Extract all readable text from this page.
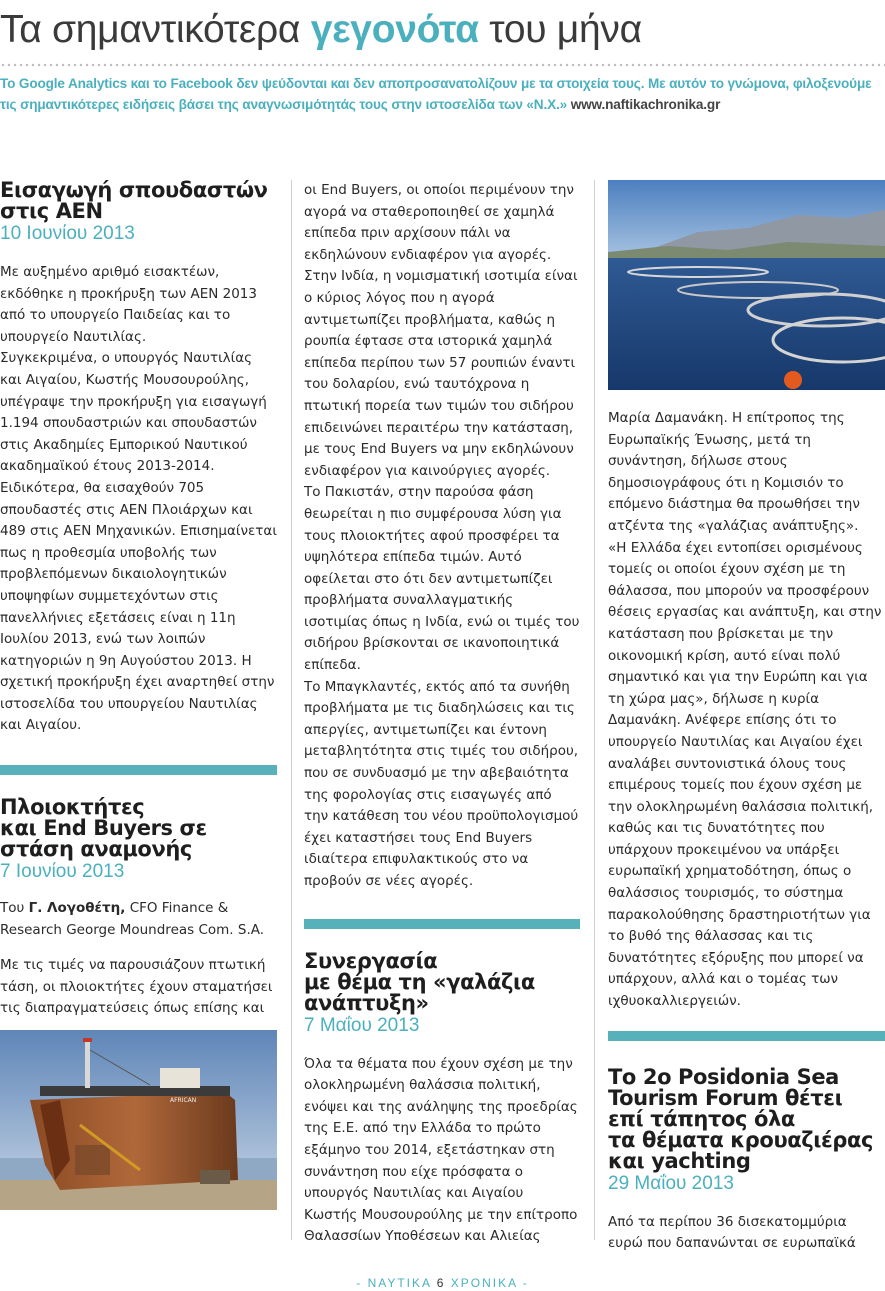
Τα σημαντικότερα γεγονότα του μήνα
Το Google Analytics και το Facebook δεν ψεύδονται και δεν αποπροσανατολίζουν με τα στοιχεία τους. Με αυτόν το γνώμονα, φιλοξενούμε τις σημαντικότερες ειδήσεις βάσει της αναγνωσιμότητάς τους στην ιστοσελίδα των «Ν.Χ.» www.naftikachronika.gr
Εισαγωγή σπουδαστών
στις ΑΕΝ

10 Ιουνίου 2013

Με αυξημένο αριθμό εισακτέων, εκδόθηκε η προκήρυξη των ΑΕΝ 2013 από το υπουργείο Παιδείας και το υπουργείο Ναυτιλίας.

Συγκεκριμένα, ο υπουργός Ναυτιλίας και Αιγαίου, Κωστής Μουσουρούλης, υπέγραψε την προκήρυξη για εισαγωγή 1.194 σπουδαστριών και σπουδαστών στις Ακαδημίες Εμπορικού Ναυτικού ακαδημαϊκού έτους 2013-2014. Ειδικότερα, θα εισαχθούν 705 σπουδαστές στις ΑΕΝ Πλοιάρχων και 489 στις ΑΕΝ Μηχανικών. Επισημαίνεται πως η προθεσμία υποβολής των προβλεπόμενων δικαιολογητικών υποψηφίων συμμετεχόντων στις πανελλήνιες εξετάσεις είναι η 11η Ιουλίου 2013, ενώ των λοιπών κατηγοριών η 9η Αυγούστου 2013. Η σχετική προκήρυξη έχει αναρτηθεί στην ιστοσελίδα του υπουργείου Ναυτιλίας και Αιγαίου.

Πλοιοκτήτες
και End Buyers σε
στάση αναμονής

7 Ιουνίου 2013

Του Γ. Λογοθέτη, CFO Finance & Research George Moundreas Com. S.A.

Με τις τιμές να παρουσιάζουν πτωτική τάση, οι πλοιοκτήτες έχουν σταματήσει τις διαπραγματεύσεις όπως επίσης και

AFRICAN

οι End Buyers, οι οποίοι περιμένουν την αγορά να σταθεροποιηθεί σε χαμηλά επίπεδα πριν αρχίσουν πάλι να εκδηλώνουν ενδιαφέρον για αγορές. Στην Ινδία, η νομισματική ισοτιμία είναι ο κύριος λόγος που η αγορά αντιμετωπίζει προβλήματα, καθώς η ρουπία έφτασε στα ιστορικά χαμηλά επίπεδα περίπου των 57 ρουπιών έναντι του δολαρίου, ενώ ταυτόχρονα η πτωτική πορεία των τιμών του σιδήρου επιδεινώνει περαιτέρω την κατάσταση, με τους End Buyers να μην εκδηλώνουν ενδιαφέρον για καινούργιες αγορές.

Το Πακιστάν, στην παρούσα φάση θεωρείται η πιο συμφέρουσα λύση για τους πλοιοκτήτες αφού προσφέρει τα υψηλότερα επίπεδα τιμών. Αυτό οφείλεται στο ότι δεν αντιμετωπίζει προβλήματα συναλλαγματικής ισοτιμίας όπως η Ινδία, ενώ οι τιμές του σιδήρου βρίσκονται σε ικανοποιητικά επίπεδα.

Το Μπαγκλαντές, εκτός από τα συνήθη προβλήματα με τις διαδηλώσεις και τις απεργίες, αντιμετωπίζει και έντονη μεταβλητότητα στις τιμές του σιδήρου, που σε συνδυασμό με την αβεβαιότητα της φορολογίας στις εισαγωγές από την κατάθεση του νέου προϋπολογισμού έχει καταστήσει τους End Buyers ιδιαίτερα επιφυλακτικούς στο να προβούν σε νέες αγορές.

Συνεργασία
με θέμα τη «γαλάζια
ανάπτυξη»

7 Μαΐου 2013

Όλα τα θέματα που έχουν σχέση με την ολοκληρωμένη θαλάσσια πολιτική, ενόψει και της ανάληψης της προεδρίας της Ε.Ε. από την Ελλάδα το πρώτο εξάμηνο του 2014, εξετάστηκαν στη συνάντηση που είχε πρόσφατα ο υπουργός Ναυτιλίας και Αιγαίου Κωστής Μουσουρούλης με την επίτροπο Θαλασσίων Υποθέσεων και Αλιείας

Μαρία Δαμανάκη. Η επίτροπος της Ευρωπαϊκής Ένωσης, μετά τη συνάντηση, δήλωσε στους δημοσιογράφους ότι η Κομισιόν το επόμενο διάστημα θα προωθήσει την ατζέντα της «γαλάζιας ανάπτυξης».

«Η Ελλάδα έχει εντοπίσει ορισμένους τομείς οι οποίοι έχουν σχέση με τη θάλασσα, που μπορούν να προσφέρουν θέσεις εργασίας και ανάπτυξη, και στην κατάσταση που βρίσκεται με την οικονομική κρίση, αυτό είναι πολύ σημαντικό και για την Ευρώπη και για τη χώρα μας», δήλωσε η κυρία Δαμανάκη. Ανέφερε επίσης ότι το υπουργείο Ναυτιλίας και Αιγαίου έχει αναλάβει συντονιστικά όλους τους επιμέρους τομείς που έχουν σχέση με την ολοκληρωμένη θαλάσσια πολιτική, καθώς και τις δυνατότητες που υπάρχουν προκειμένου να υπάρξει ευρωπαϊκή χρηματοδότηση, όπως ο θαλάσσιος τουρισμός, το σύστημα παρακολούθησης δραστηριοτήτων για το βυθό της θάλασσας και τις δυνατότητες εξόρυξης που μπορεί να υπάρχουν, αλλά και ο τομέας των ιχθυοκαλλιεργειών.

Το 2ο Posidonia Sea
Tourism Forum θέτει
επί τάπητος όλα
τα θέματα κρουαζιέρας
και yachting

29 Μαΐου 2013

Από τα περίπου 36 δισεκατομμύρια ευρώ που δαπανώνται σε ευρωπαϊκά

- ΝΑΥΤΙΚΑ 6 ΧΡΟΝΙΚΑ -
